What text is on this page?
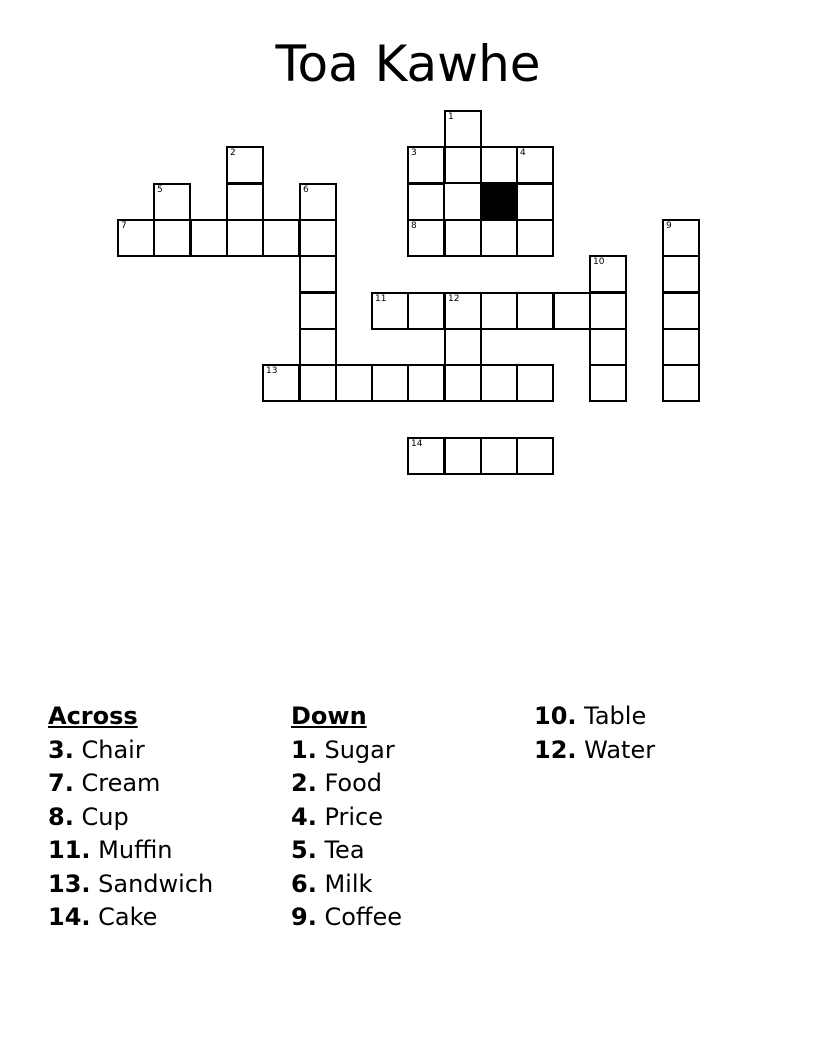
Toa Kawhe
1
2	3	4
5	6
7	8	9
10
11	12
13
14
Across
3. Chair
7. Cream
8. Cup
11. Muffin
13. Sandwich
14. Cake
Down
1. Sugar
2. Food
4. Price
5. Tea
6. Milk
9. Coffee
10. Table
12. Water
